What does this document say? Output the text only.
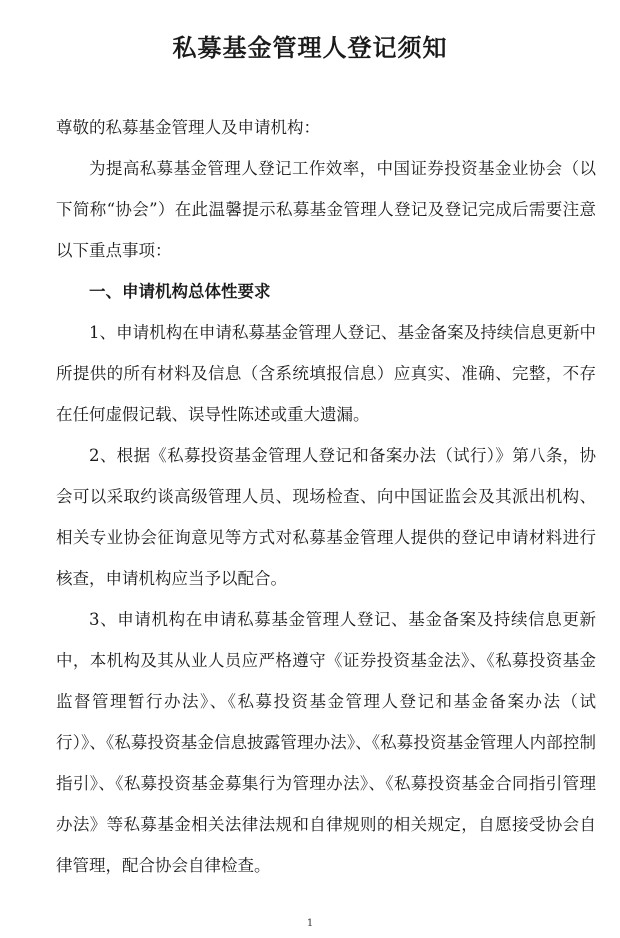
私募基金管理人登记须知

尊敬的私募基金管理人及申请机构：

为提高私募基金管理人登记工作效率，中国证券投资基金业协会（以下简称“协会”）在此温馨提示私募基金管理人登记及登记完成后需要注意以下重点事项：

一、申请机构总体性要求

1、申请机构在申请私募基金管理人登记、基金备案及持续信息更新中所提供的所有材料及信息（含系统填报信息）应真实、准确、完整，不存在任何虚假记载、误导性陈述或重大遗漏。

2、根据《私募投资基金管理人登记和备案办法（试行）》第八条，协会可以采取约谈高级管理人员、现场检查、向中国证监会及其派出机构、相关专业协会征询意见等方式对私募基金管理人提供的登记申请材料进行核查，申请机构应当予以配合。

3、申请机构在申请私募基金管理人登记、基金备案及持续信息更新中，本机构及其从业人员应严格遵守《证券投资基金法》、《私募投资基金监督管理暂行办法》、《私募投资基金管理人登记和基金备案办法（试行）》、《私募投资基金信息披露管理办法》、《私募投资基金管理人内部控制指引》、《私募投资基金募集行为管理办法》、《私募投资基金合同指引管理办法》等私募基金相关法律法规和自律规则的相关规定，自愿接受协会自律管理，配合协会自律检查。

1
